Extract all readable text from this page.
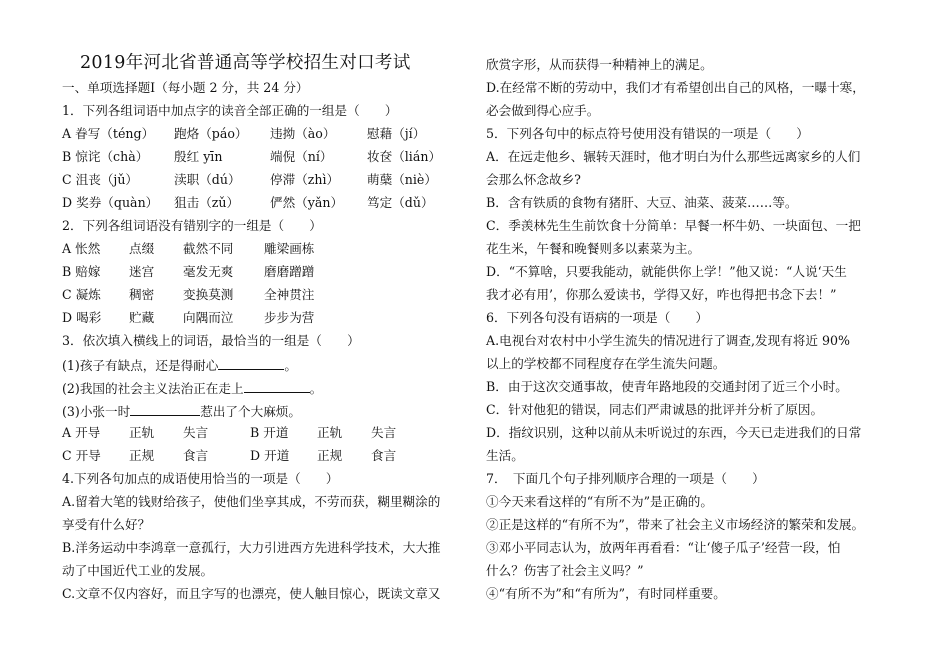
2019年河北省普通高等学校招生对口考试
一、单项选择题Ⅰ（每小题 2 分，共 24 分）
1．下列各组词语中加点字的读音全部正确的一组是（　　）
A 眷写（téng） 跑烙（páo） 违拗（ào）	慰藉（jí）
B 惊诧（chà） 殷红 yīn	端倪（ní）	妆奁（lián）
C 沮丧（jǔ）	渎职（dú） 停滞（zhì） 萌蘖（niè）
D 奖券（quàn） 狙击（zǔ） 俨然（yǎn） 笃定（dǔ）
2．下列各组词语没有错别字的一组是（　　）
A 怅然 点缀 截然不同 雕梁画栋
B 赔嫁 迷宫 毫发无爽 磨磨蹭蹭
C 凝炼 稠密 变换莫测 全神贯注
D 喝彩 贮藏 向隅而泣 步步为营
3．依次填入横线上的词语，最恰当的一组是（　　）
(1)孩子有缺点，还是得耐心	。
(2)我国的社会主义法治正在走上	。
(3)小张一时	惹出了个大麻烦。
A 开导 正轨 失言	B 开道 正轨 失言
C 开导 正规 食言	D 开道 正规 食言
4.下列各句加点的成语使用恰当的一项是（　　）
A.留着大笔的钱财给孩子，使他们坐享其成，不劳而获，糊里糊涂的
享受有什么好？
B.洋务运动中李鸿章一意孤行，大力引进西方先进科学技术，大大推
动了中国近代工业的发展。
C.文章不仅内容好，而且字写的也漂亮，使人触目惊心，既读文章又
欣赏字形，从而获得一种精神上的满足。
D.在经常不断的劳动中，我们才有希望创出自己的风格，一曝十寒，
必会做到得心应手。
5．下列各句中的标点符号使用没有错误的一项是（　　）
A．在远走他乡、辗转天涯时，他才明白为什么那些远离家乡的人们
会那么怀念故乡?
B．含有铁质的食物有猪肝、大豆、油菜、菠菜……等。
C．季羡林先生生前饮食十分简单：早餐一杯牛奶、一块面包、一把
花生米，午餐和晚餐则多以素菜为主。
D．“不算啥，只要我能动，就能供你上学！”他又说：“人说‘天生
我才必有用’，你那么爱读书，学得又好，咋也得把书念下去！”
6．下列各句没有语病的一项是（　　）
A.电视台对农村中小学生流失的情况进行了调查,发现有将近 90%
以上的学校都不同程度存在学生流失问题。
B．由于这次交通事故，使青年路地段的交通封闭了近三个小时。
C．针对他犯的错误，同志们严肃诚恳的批评并分析了原因。
D．指纹识别，这种以前从未听说过的东西，今天已走进我们的日常
生活。
7．　下面几个句子排列顺序合理的一项是（　　）
①今天来看这样的“有所不为”是正确的。
②正是这样的“有所不为”，带来了社会主义市场经济的繁荣和发展。
③邓小平同志认为，放两年再看看：“让‘傻子瓜子’经营一段，怕
什么？伤害了社会主义吗？”
④“有所不为”和“有所为”，有时同样重要。
